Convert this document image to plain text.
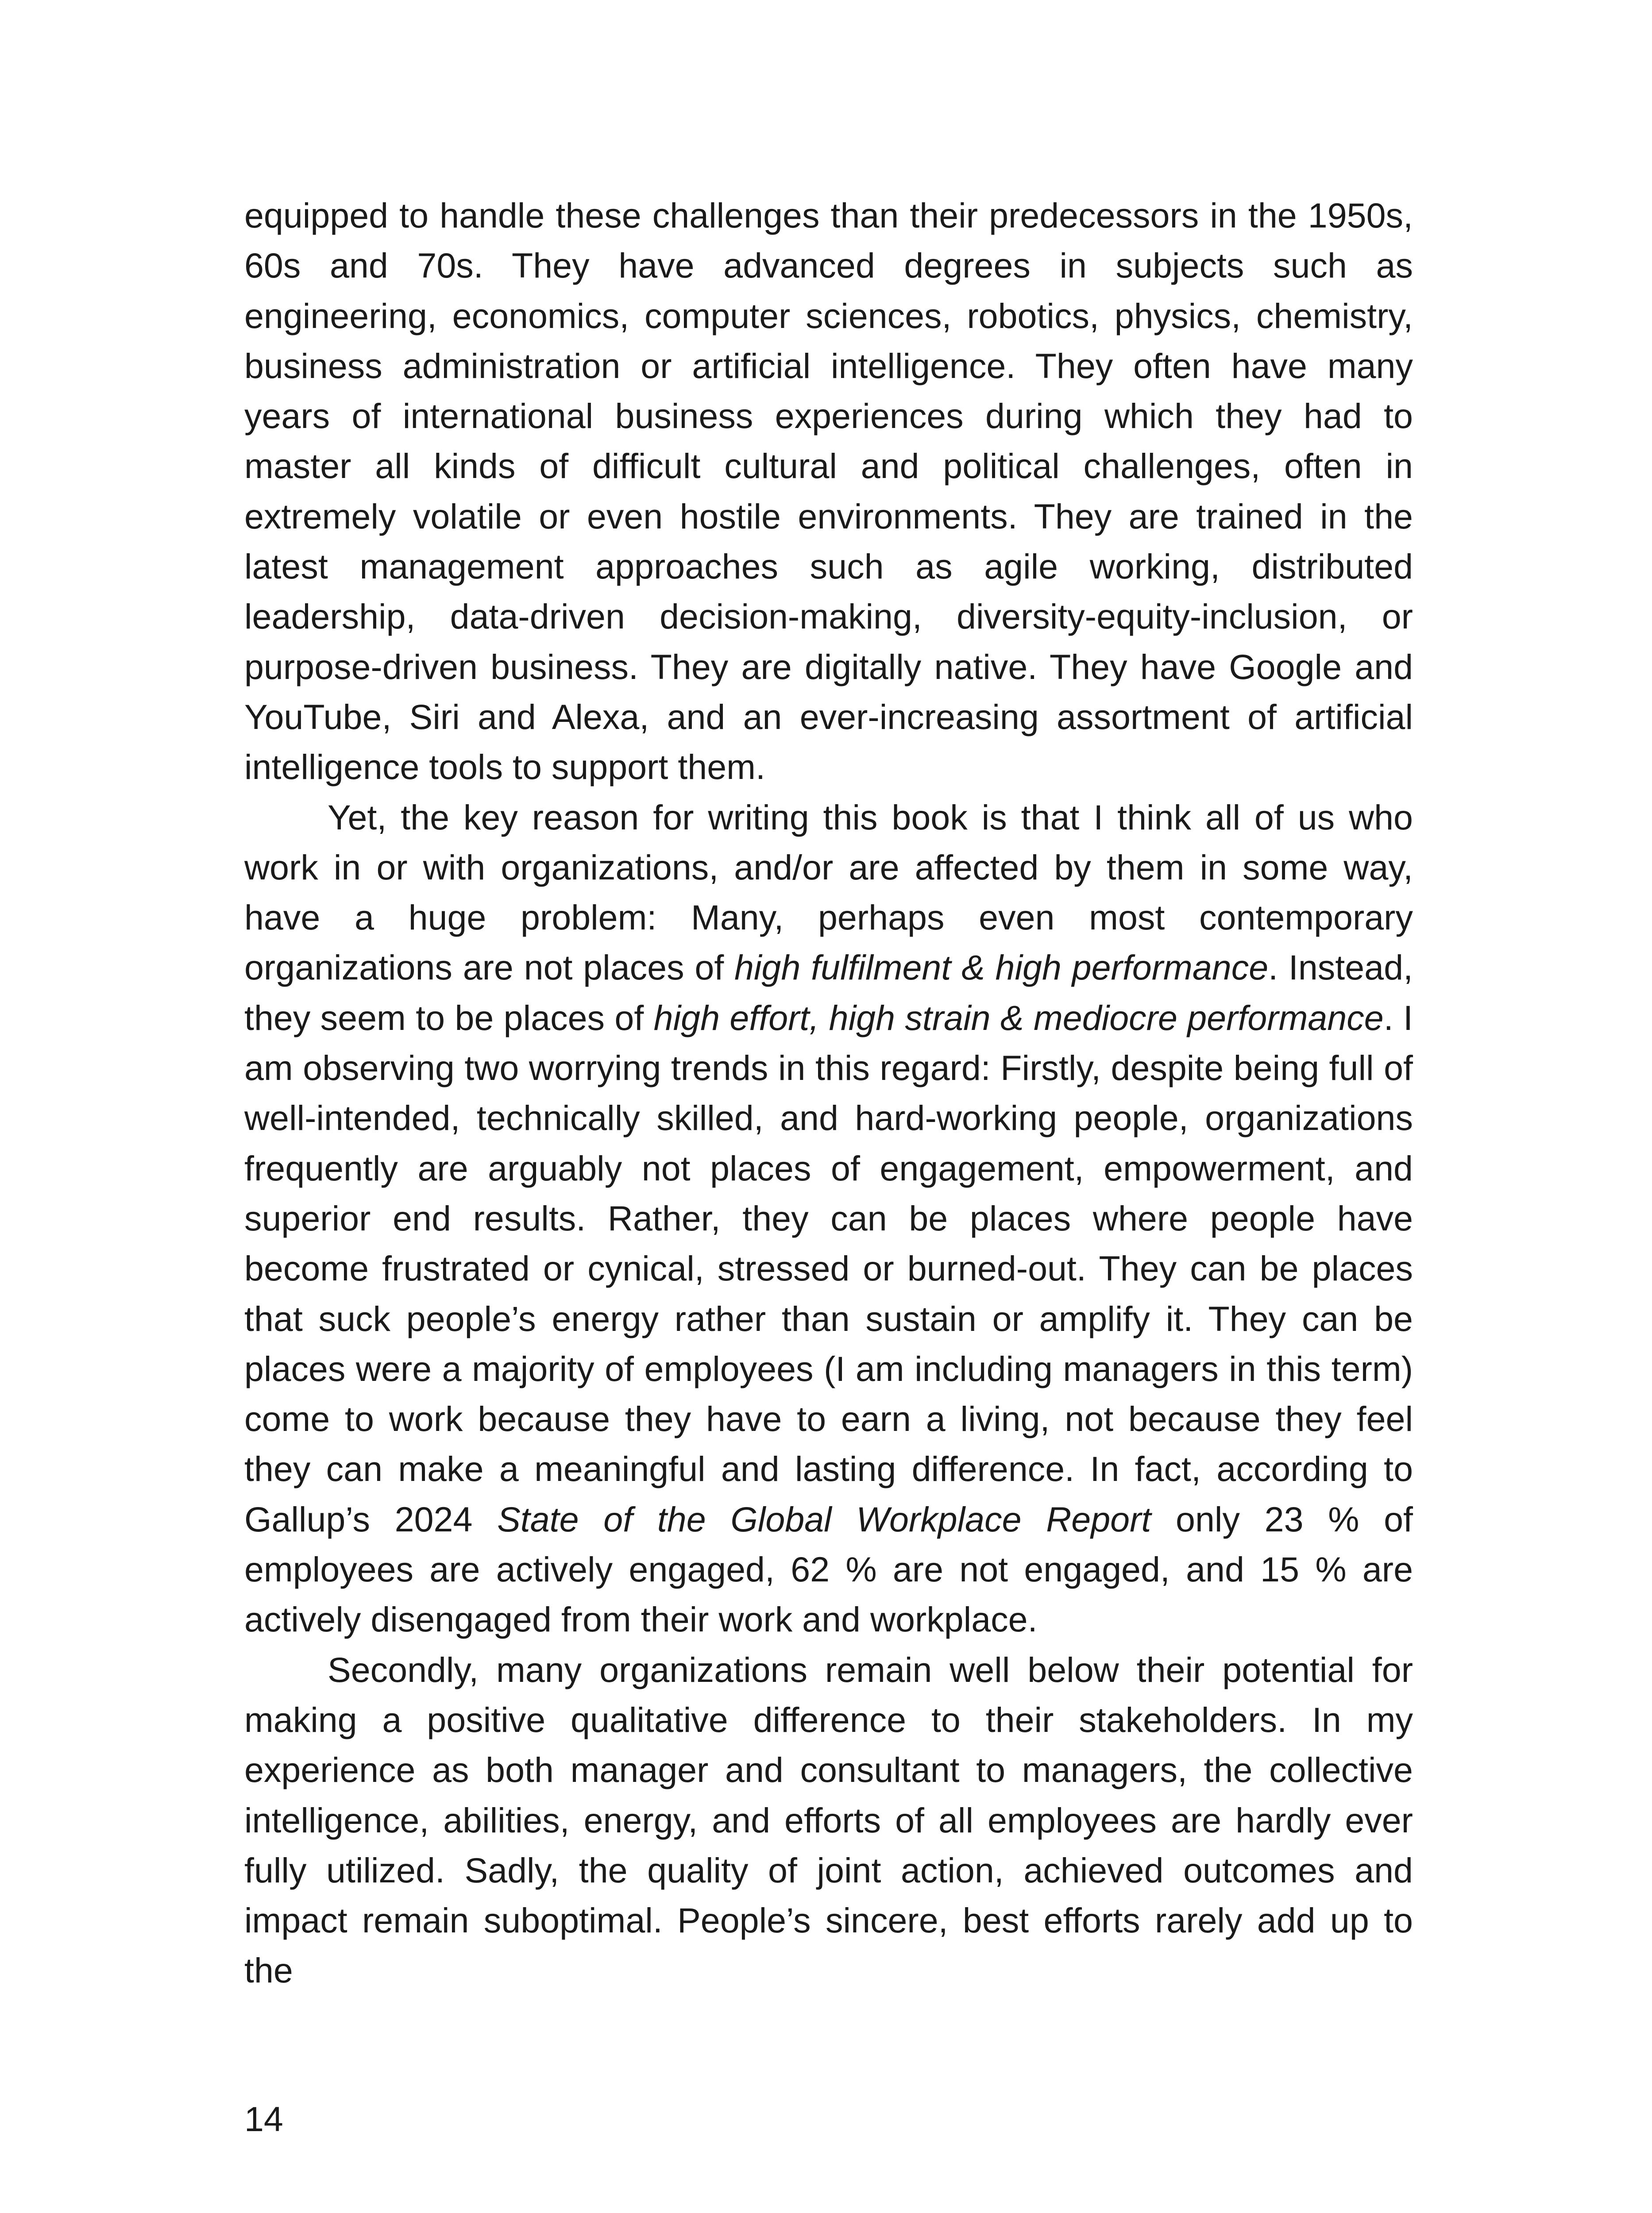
equipped to handle these challenges than their predecessors in the 1950s, 60s and 70s. They have advanced degrees in subjects such as engineering, economics, computer sciences, robotics, physics, chemistry, business administration or artificial intelligence. They often have many years of international business experiences during which they had to master all kinds of difficult cultural and political challenges, often in extremely volatile or even hostile environments. They are trained in the latest management approaches such as agile working, distributed leadership, data-driven decision-making, diversity-equity-inclusion, or purpose-driven business. They are digitally native. They have Google and YouTube, Siri and Alexa, and an ever-increasing assortment of artificial intelligence tools to support them.

Yet, the key reason for writing this book is that I think all of us who work in or with organizations, and/or are affected by them in some way, have a huge problem: Many, perhaps even most contemporary organizations are not places of high fulfilment & high performance. Instead, they seem to be places of high effort, high strain & mediocre performance. I am observing two worrying trends in this regard: Firstly, despite being full of well-intended, technically skilled, and hard-working people, organizations frequently are arguably not places of engagement, empowerment, and superior end results. Rather, they can be places where people have become frustrated or cynical, stressed or burned-out. They can be places that suck people’s energy rather than sustain or amplify it. They can be places were a majority of employees (I am including managers in this term) come to work because they have to earn a living, not because they feel they can make a meaningful and lasting difference. In fact, according to Gallup’s 2024 State of the Global Workplace Report only 23 % of employees are actively engaged, 62 % are not engaged, and 15 % are actively disengaged from their work and workplace.

Secondly, many organizations remain well below their potential for making a positive qualitative difference to their stakeholders. In my experience as both manager and consultant to managers, the collective intelligence, abilities, energy, and efforts of all employees are hardly ever fully utilized. Sadly, the quality of joint action, achieved outcomes and impact remain suboptimal. People’s sincere, best efforts rarely add up to the

14
